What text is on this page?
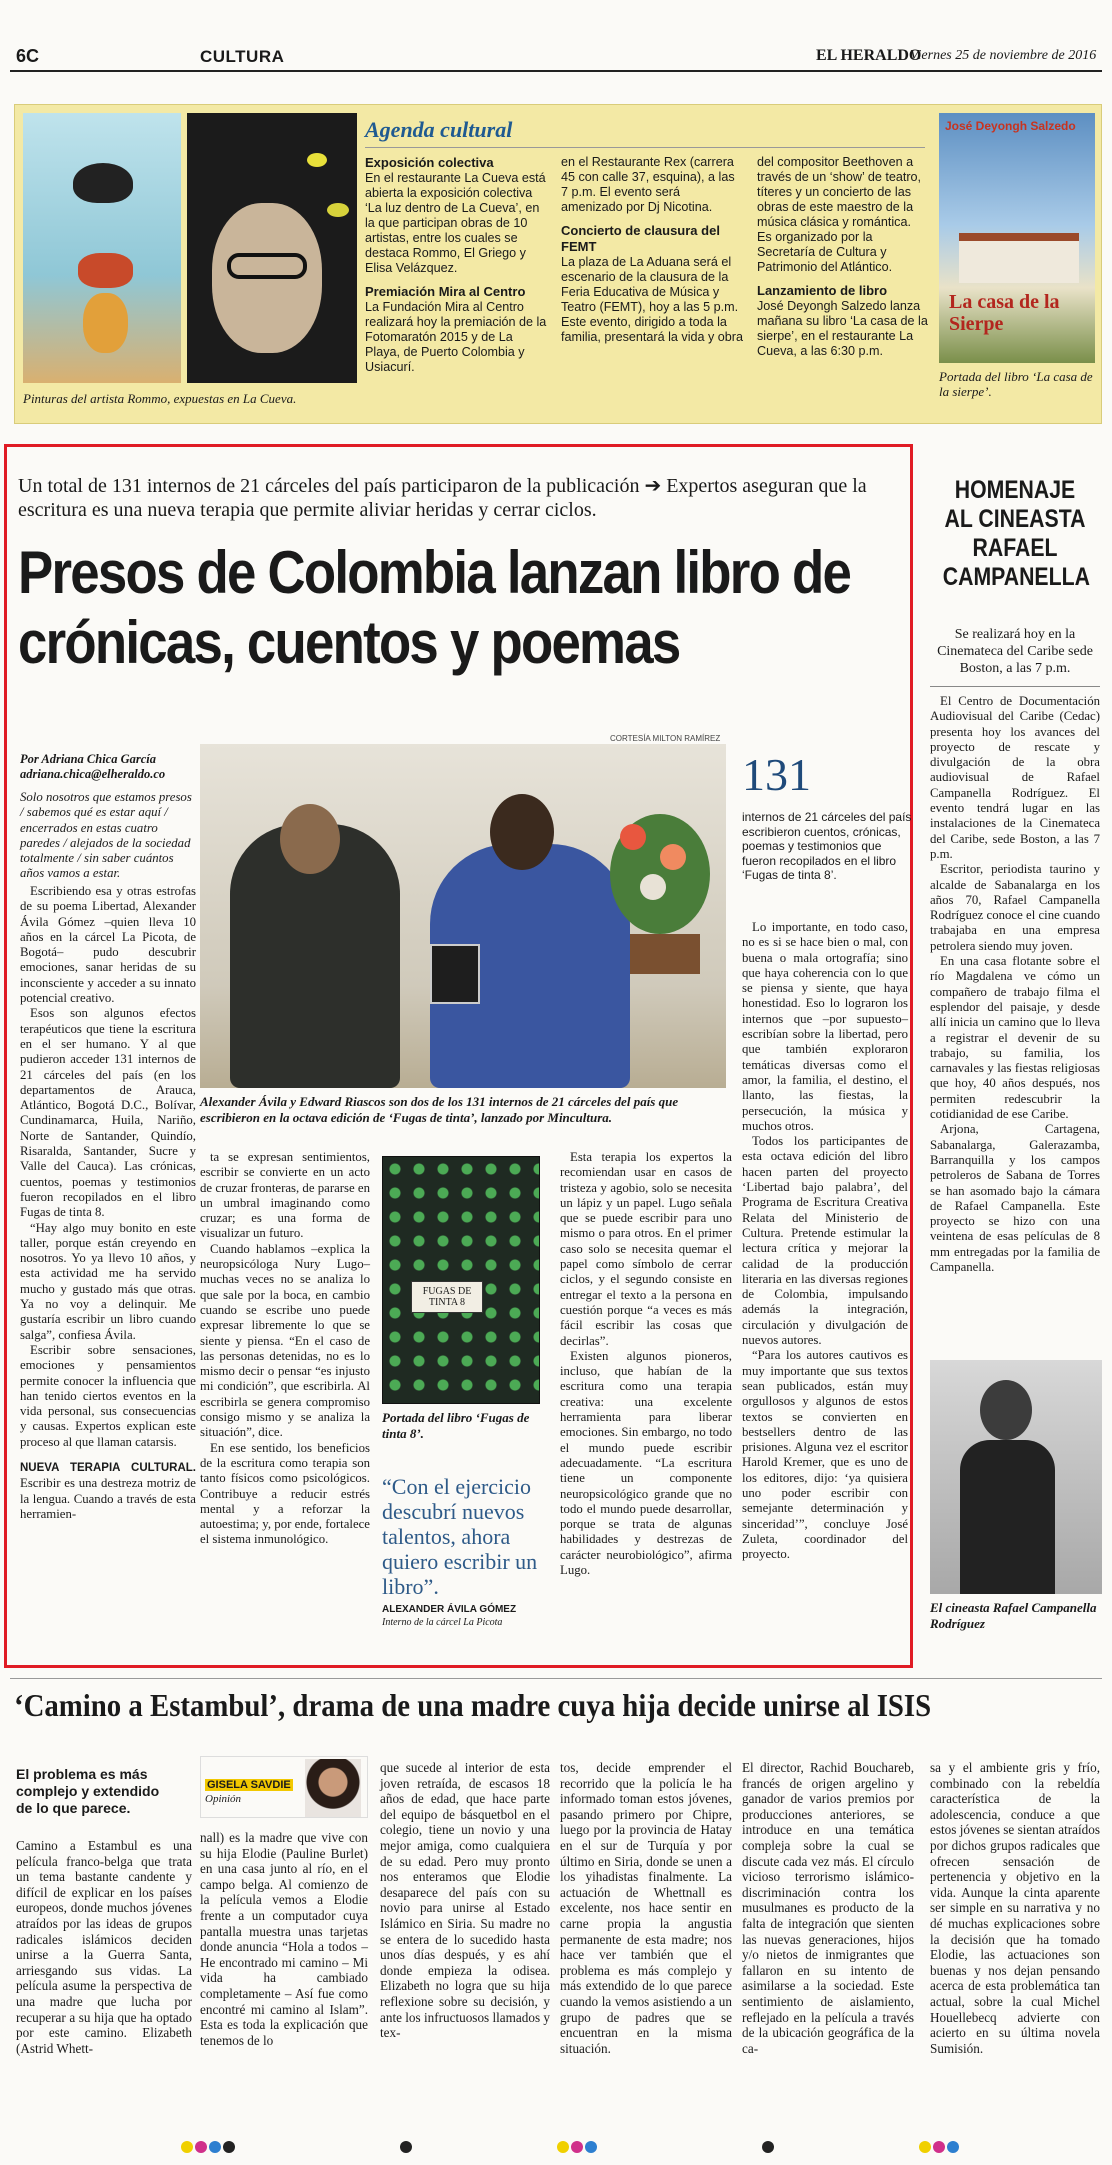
6C	CULTURA	EL HERALDO
Viernes 25 de noviembre de 2016
Pinturas del artista Rommo, expuestas en La Cueva.
Agenda cultural

Exposición colectiva

En el restaurante La Cueva está abierta la exposición colectiva ‘La luz dentro de La Cueva’, en la que participan obras de 10 artistas, entre los cuales se destaca Rommo, El Griego y Elisa Velázquez.

Premiación Mira al Centro

La Fundación Mira al Centro realizará hoy la premiación de la Fotomaratón 2015 y de La Playa, de Puerto Colombia y Usiacurí.

en el Restaurante Rex (carrera 45 con calle 37, esquina), a las 7 p.m. El evento será amenizado por Dj Nicotina.

Concierto de clausura del FEMT

La plaza de La Aduana será el escenario de la clausura de la Feria Educativa de Música y Teatro (FEMT), hoy a las 5 p.m. Este evento, dirigido a toda la familia, presentará la vida y obra

del compositor Beethoven a través de un ‘show’ de teatro, títeres y un concierto de las obras de este maestro de la música clásica y romántica. Es organizado por la Secretaría de Cultura y Patrimonio del Atlántico.

Lanzamiento de libro

José Deyongh Salzedo lanza mañana su libro ‘La casa de la sierpe’, en el restaurante La Cueva, a las 6:30 p.m.

José Deyongh Salzedo
La casa de la Sierpe
Portada del libro ‘La casa de la sierpe’.
Un total de 131 internos de 21 cárceles del país participaron de la publicación ➔ Expertos aseguran que la escritura es una nueva terapia que permite aliviar heridas y cerrar ciclos.
Presos de Colombia lanzan libro de crónicas, cuentos y poemas
CORTESÍA MILTON RAMÍREZ
Por Adriana Chica García
adriana.chica@elheraldo.co
Solo nosotros que estamos presos / sabemos qué es estar aquí / encerrados en estas cuatro paredes / alejados de la sociedad totalmente / sin saber cuántos años vamos a estar.

Escribiendo esa y otras estrofas de su poema Libertad, Alexander Ávila Gómez –quien lleva 10 años en la cárcel La Picota, de Bogotá– pudo descubrir emociones, sanar heridas de su inconsciente y acceder a su innato potencial creativo.

Esos son algunos efectos terapéuticos que tiene la escritura en el ser humano. Y al que pudieron acceder 131 internos de 21 cárceles del país (en los departamentos de Arauca, Atlántico, Bogotá D.C., Bolívar, Cundinamarca, Huila, Nariño, Norte de Santander, Quindío, Risaralda, Santander, Sucre y Valle del Cauca). Las crónicas, cuentos, poemas y testimonios fueron recopilados en el libro Fugas de tinta 8.

“Hay algo muy bonito en este taller, porque están creyendo en nosotros. Yo ya llevo 10 años, y esta actividad me ha servido mucho y gustado más que otras. Ya no voy a delinquir. Me gustaría escribir un libro cuando salga”, confiesa Ávila.

Escribir sobre sensaciones, emociones y pensamientos permite conocer la influencia que han tenido ciertos eventos en la vida personal, sus consecuencias y causas. Expertos explican este proceso al que llaman catarsis.

NUEVA TERAPIA CULTURAL. Escribir es una destreza motriz de la lengua. Cuando a través de esta herramien-

Alexander Ávila y Edward Riascos son dos de los 131 internos de 21 cárceles del país que escribieron en la octava edición de ‘Fugas de tinta’, lanzado por Mincultura.
131
internos de 21 cárceles del país escribieron cuentos, crónicas, poemas y testimonios que fueron recopilados en el libro ‘Fugas de tinta 8’.

Lo importante, en todo caso, no es si se hace bien o mal, con buena o mala ortografía; sino que haya coherencia con lo que se piensa y siente, que haya honestidad. Eso lo lograron los internos que –por supuesto– escribían sobre la libertad, pero que también exploraron temáticas diversas como el amor, la familia, el destino, el llanto, las fiestas, la persecución, la música y muchos otros.

Todos los participantes de esta octava edición del libro hacen parten del proyecto ‘Libertad bajo palabra’, del Programa de Escritura Creativa Relata del Ministerio de Cultura. Pretende estimular la lectura crítica y mejorar la calidad de la producción literaria en las diversas regiones de Colombia, impulsando además la integración, circulación y divulgación de nuevos autores.

“Para los autores cautivos es muy importante que sus textos sean publicados, están muy orgullosos y algunos de estos textos se convierten en bestsellers dentro de las prisiones. Alguna vez el escritor Harold Kremer, que es uno de los editores, dijo: ‘ya quisiera uno poder escribir con semejante determinación y sinceridad’”, concluye José Zuleta, coordinador del proyecto.

ta se expresan sentimientos, escribir se convierte en un acto de cruzar fronteras, de pararse en un umbral imaginando como cruzar; es una forma de visualizar un futuro.

Cuando hablamos –explica la neuropsicóloga Nury Lugo– muchas veces no se analiza lo que sale por la boca, en cambio cuando se escribe uno puede expresar libremente lo que se siente y piensa. “En el caso de las personas detenidas, no es lo mismo decir o pensar “es injusto mi condición”, que escribirla. Al escribirla se genera compromiso consigo mismo y se analiza la situación”, dice.

En ese sentido, los beneficios de la escritura como terapia son tanto físicos como psicológicos. Contribuye a reducir estrés mental y a reforzar la autoestima; y, por ende, fortalece el sistema inmunológico.

FUGAS DE TINTA 8
Portada del libro ‘Fugas de tinta 8’.
“Con el ejercicio descubrí nuevos talentos, ahora quiero escribir un libro”.
ALEXANDER ÁVILA GÓMEZ
Interno de la cárcel La Picota

Esta terapia los expertos la recomiendan usar en casos de tristeza y agobio, solo se necesita un lápiz y un papel. Lugo señala que se puede escribir para uno mismo o para otros. En el primer caso solo se necesita quemar el papel como símbolo de cerrar ciclos, y el segundo consiste en entregar el texto a la persona en cuestión porque “a veces es más fácil escribir las cosas que decirlas”.

Existen algunos pioneros, incluso, que habían de la escritura como una terapia creativa: una excelente herramienta para liberar emociones. Sin embargo, no todo el mundo puede escribir adecuadamente. “La escritura tiene un componente neuropsicológico grande que no todo el mundo puede desarrollar, porque se trata de algunas habilidades y destrezas de carácter neurobiológico”, afirma Lugo.

HOMENAJE AL CINEASTA RAFAEL CAMPANELLA
Se realizará hoy en la Cinemateca del Caribe sede Boston, a las 7 p.m.

El Centro de Documentación Audiovisual del Caribe (Cedac) presenta hoy los avances del proyecto de rescate y divulgación de la obra audiovisual de Rafael Campanella Rodríguez. El evento tendrá lugar en las instalaciones de la Cinemateca del Caribe, sede Boston, a las 7 p.m.

Escritor, periodista taurino y alcalde de Sabanalarga en los años 70, Rafael Campanella Rodríguez conoce el cine cuando trabajaba en una empresa petrolera siendo muy joven.

En una casa flotante sobre el río Magdalena ve cómo un compañero de trabajo filma el esplendor del paisaje, y desde allí inicia un camino que lo lleva a registrar el devenir de su trabajo, su familia, los carnavales y las fiestas religiosas que hoy, 40 años después, nos permiten redescubrir la cotidianidad de ese Caribe.

Arjona, Cartagena, Sabanalarga, Galerazamba, Barranquilla y los campos petroleros de Sabana de Torres se han asomado bajo la cámara de Rafael Campanella. Este proyecto se hizo con una veintena de esas películas de 8 mm entregadas por la familia de Campanella.

El cineasta Rafael Campanella Rodríguez
‘Camino a Estambul’, drama de una madre cuya hija decide unirse al ISIS
El problema es más complejo y extendido de lo que parece.
GISELA SAVDIE
Opinión

Camino a Estambul es una película franco-belga que trata un tema bastante candente y difícil de explicar en los países europeos, donde muchos jóvenes atraídos por las ideas de grupos radicales islámicos deciden unirse a la Guerra Santa, arriesgando sus vidas. La película asume la perspectiva de una madre que lucha por recuperar a su hija que ha optado por este camino. Elizabeth (Astrid Whett-

nall) es la madre que vive con su hija Elodie (Pauline Burlet) en una casa junto al río, en el campo belga. Al comienzo de la película vemos a Elodie frente a un computador cuya pantalla muestra unas tarjetas donde anuncia “Hola a todos – He encontrado mi camino – Mi vida ha cambiado completamente – Así fue como encontré mi camino al Islam”. Esta es toda la explicación que tenemos de lo

que sucede al interior de esta joven retraída, de escasos 18 años de edad, que hace parte del equipo de básquetbol en el colegio, tiene un novio y una mejor amiga, como cualquiera de su edad. Pero muy pronto nos enteramos que Elodie desaparece del país con su novio para unirse al Estado Islámico en Siria. Su madre no se entera de lo sucedido hasta unos días después, y es ahí donde empieza la odisea. Elizabeth no logra que su hija reflexione sobre su decisión, y ante los infructuosos llamados y tex-

tos, decide emprender el recorrido que la policía le ha informado toman estos jóvenes, pasando primero por Chipre, luego por la provincia de Hatay en el sur de Turquía y por último en Siria, donde se unen a los yihadistas finalmente. La actuación de Whettnall es excelente, nos hace sentir en carne propia la angustia permanente de esta madre; nos hace ver también que el problema es más complejo y más extendido de lo que parece cuando la vemos asistiendo a un grupo de padres que se encuentran en la misma situación.

El director, Rachid Bouchareb, francés de origen argelino y ganador de varios premios por producciones anteriores, se introduce en una temática compleja sobre la cual se discute cada vez más. El círculo vicioso terrorismo islámico-discriminación contra los musulmanes es producto de la falta de integración que sienten las nuevas generaciones, hijos y/o nietos de inmigrantes que fallaron en su intento de asimilarse a la sociedad. Este sentimiento de aislamiento, reflejado en la película a través de la ubicación geográfica de la ca-

sa y el ambiente gris y frío, combinado con la rebeldía característica de la adolescencia, conduce a que estos jóvenes se sientan atraídos por dichos grupos radicales que ofrecen sensación de pertenencia y objetivo en la vida. Aunque la cinta aparente ser simple en su narrativa y no dé muchas explicaciones sobre la decisión que ha tomado Elodie, las actuaciones son buenas y nos dejan pensando acerca de esta problemática tan actual, sobre la cual Michel Houellebecq advierte con acierto en su última novela Sumisión.
